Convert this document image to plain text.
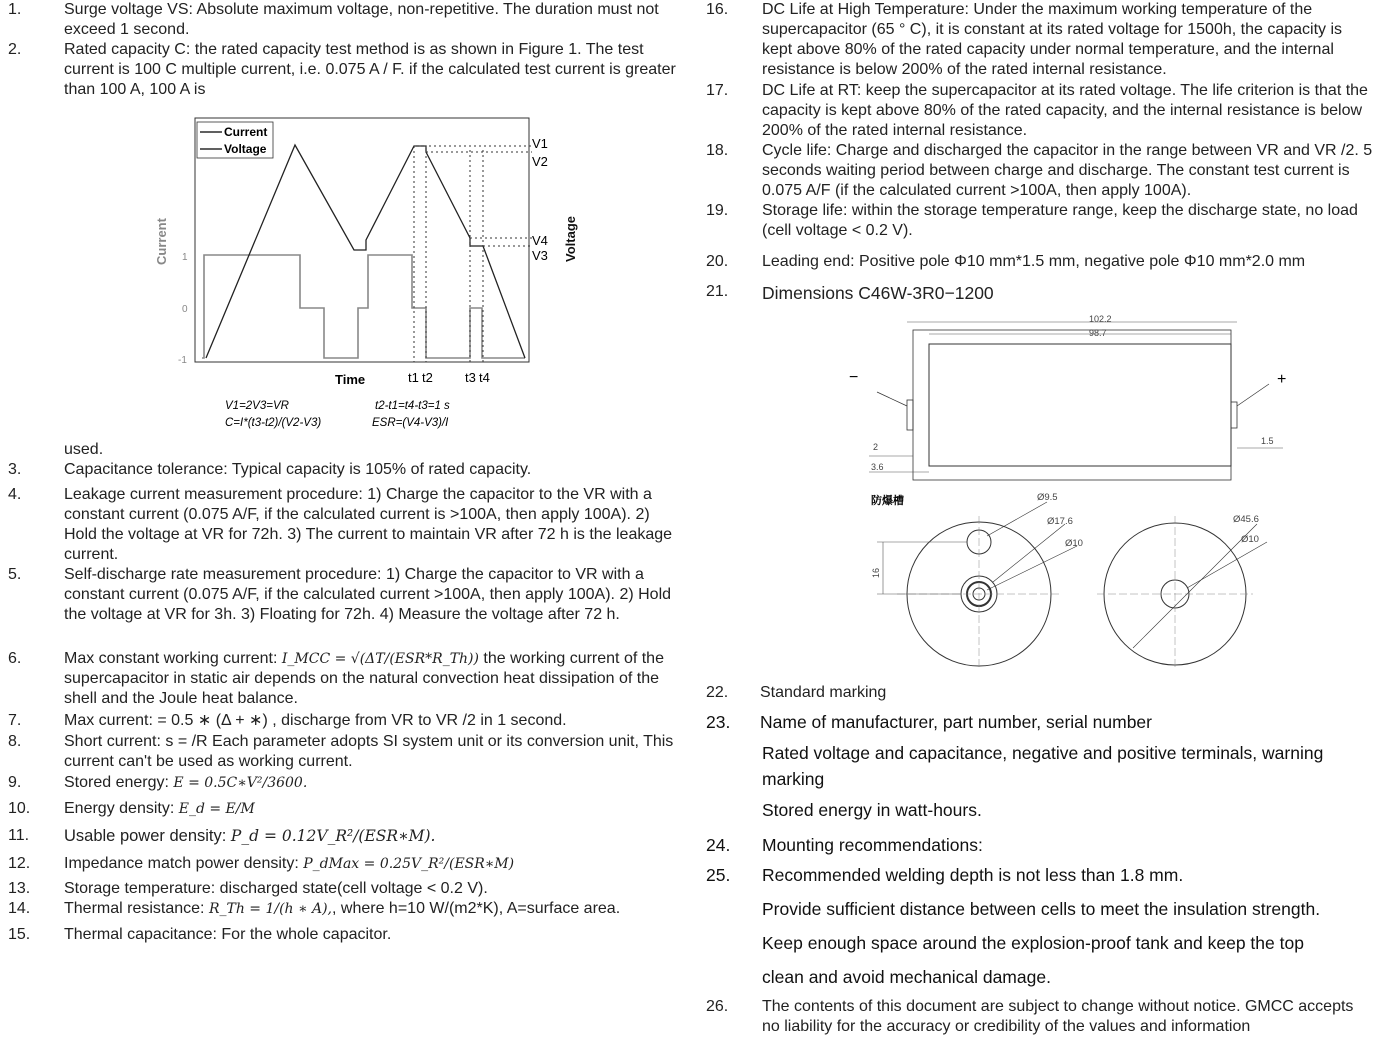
1.	Surge voltage VS: Absolute maximum voltage, non-repetitive. The duration must not exceed 1 second.
2.	Rated capacity C: the rated capacity test method is as shown in Figure 1. The test current is 100 C multiple current, i.e. 0.075 A / F. if the calculated test current is greater than 100 A, 100 A is
Current
Voltage
Current	Voltage
1
0
-1
Time
V1
V2
V4
V3
t1 t2 t3 t4
V1=2V3=VR
C=I*(t3-t2)/(V2-V3)
t2-t1=t4-t3=1 s
ESR=(V4-V3)/I
used.
3.	Capacitance tolerance: Typical capacity is 105% of rated capacity.
4.	Leakage current measurement procedure: 1) Charge the capacitor to the VR with a constant current (0.075 A/F, if the calculated current is >100A, then apply 100A). 2) Hold the voltage at VR for 72h. 3) The current to maintain VR after 72 h is the leakage current.
5.	Self-discharge rate measurement procedure: 1) Charge the capacitor to VR with a constant current (0.075 A/F, if the calculated current >100A, then apply 100A). 2) Hold the voltage at VR for 3h. 3) Floating for 72h. 4) Measure the voltage after 72 h.
6.	Max constant working current: I_MCC = √(ΔT/(ESR*R_Th)) the working current of the supercapacitor in static air depends on the natural convection heat dissipation of the shell and the Joule heat balance.
7.	Max current: = 0.5 ∗ (Δ + ∗) , discharge from VR to VR /2 in 1 second.
8.	Short current: s = /R Each parameter adopts SI system unit or its conversion unit, This current can't be used as working current.
9.	Stored energy: E = 0.5C∗V²/3600.
10. Energy density: E_d = E/M
11. Usable power density: P_d = 0.12V_R²/(ESR∗M).
12. Impedance match power density: P_dMax = 0.25V_R²/(ESR∗M)
13. Storage temperature: discharged state(cell voltage < 0.2 V).
14. Thermal resistance: R_Th = 1/(h ∗ A),, where h=10 W/(m2*K), A=surface area.
15. Thermal capacitance: For the whole capacitor.
16. DC Life at High Temperature: Under the maximum working temperature of the supercapacitor (65 ° C), it is constant at its rated voltage for 1500h, the capacity is kept above 80% of the rated capacity under normal temperature, and the internal resistance is below 200% of the rated internal resistance.
17. DC Life at RT: keep the supercapacitor at its rated voltage. The life criterion is that the capacity is kept above 80% of the rated capacity, and the internal resistance is below 200% of the rated internal resistance.
18. Cycle life: Charge and discharged the capacitor in the range between VR and VR /2. 5 seconds waiting period between charge and discharge. The constant test current is 0.075 A/F (if the calculated current >100A, then apply 100A).
19. Storage life: within the storage temperature range, keep the discharge state, no load (cell voltage < 0.2 V).
20. Leading end: Positive pole Φ10 mm*1.5 mm, negative pole Φ10 mm*2.0 mm
21. Dimensions C46W-3R0−1200
102.2
98.7
−	+
2
3.6
1.5
防爆槽
16
Ø9.5
Ø17.6
Ø10
Ø45.6
Ø10
22. Standard marking
23. Name of manufacturer, part number, serial number
Rated voltage and capacitance, negative and positive terminals, warning marking
Stored energy in watt-hours.
24. Mounting recommendations:
25. Recommended welding depth is not less than 1.8 mm.
Provide sufficient distance between cells to meet the insulation strength.
Keep enough space around the explosion-proof tank and keep the top
clean and avoid mechanical damage.
26. The contents of this document are subject to change without notice. GMCC accepts no liability for the accuracy or credibility of the values and information
